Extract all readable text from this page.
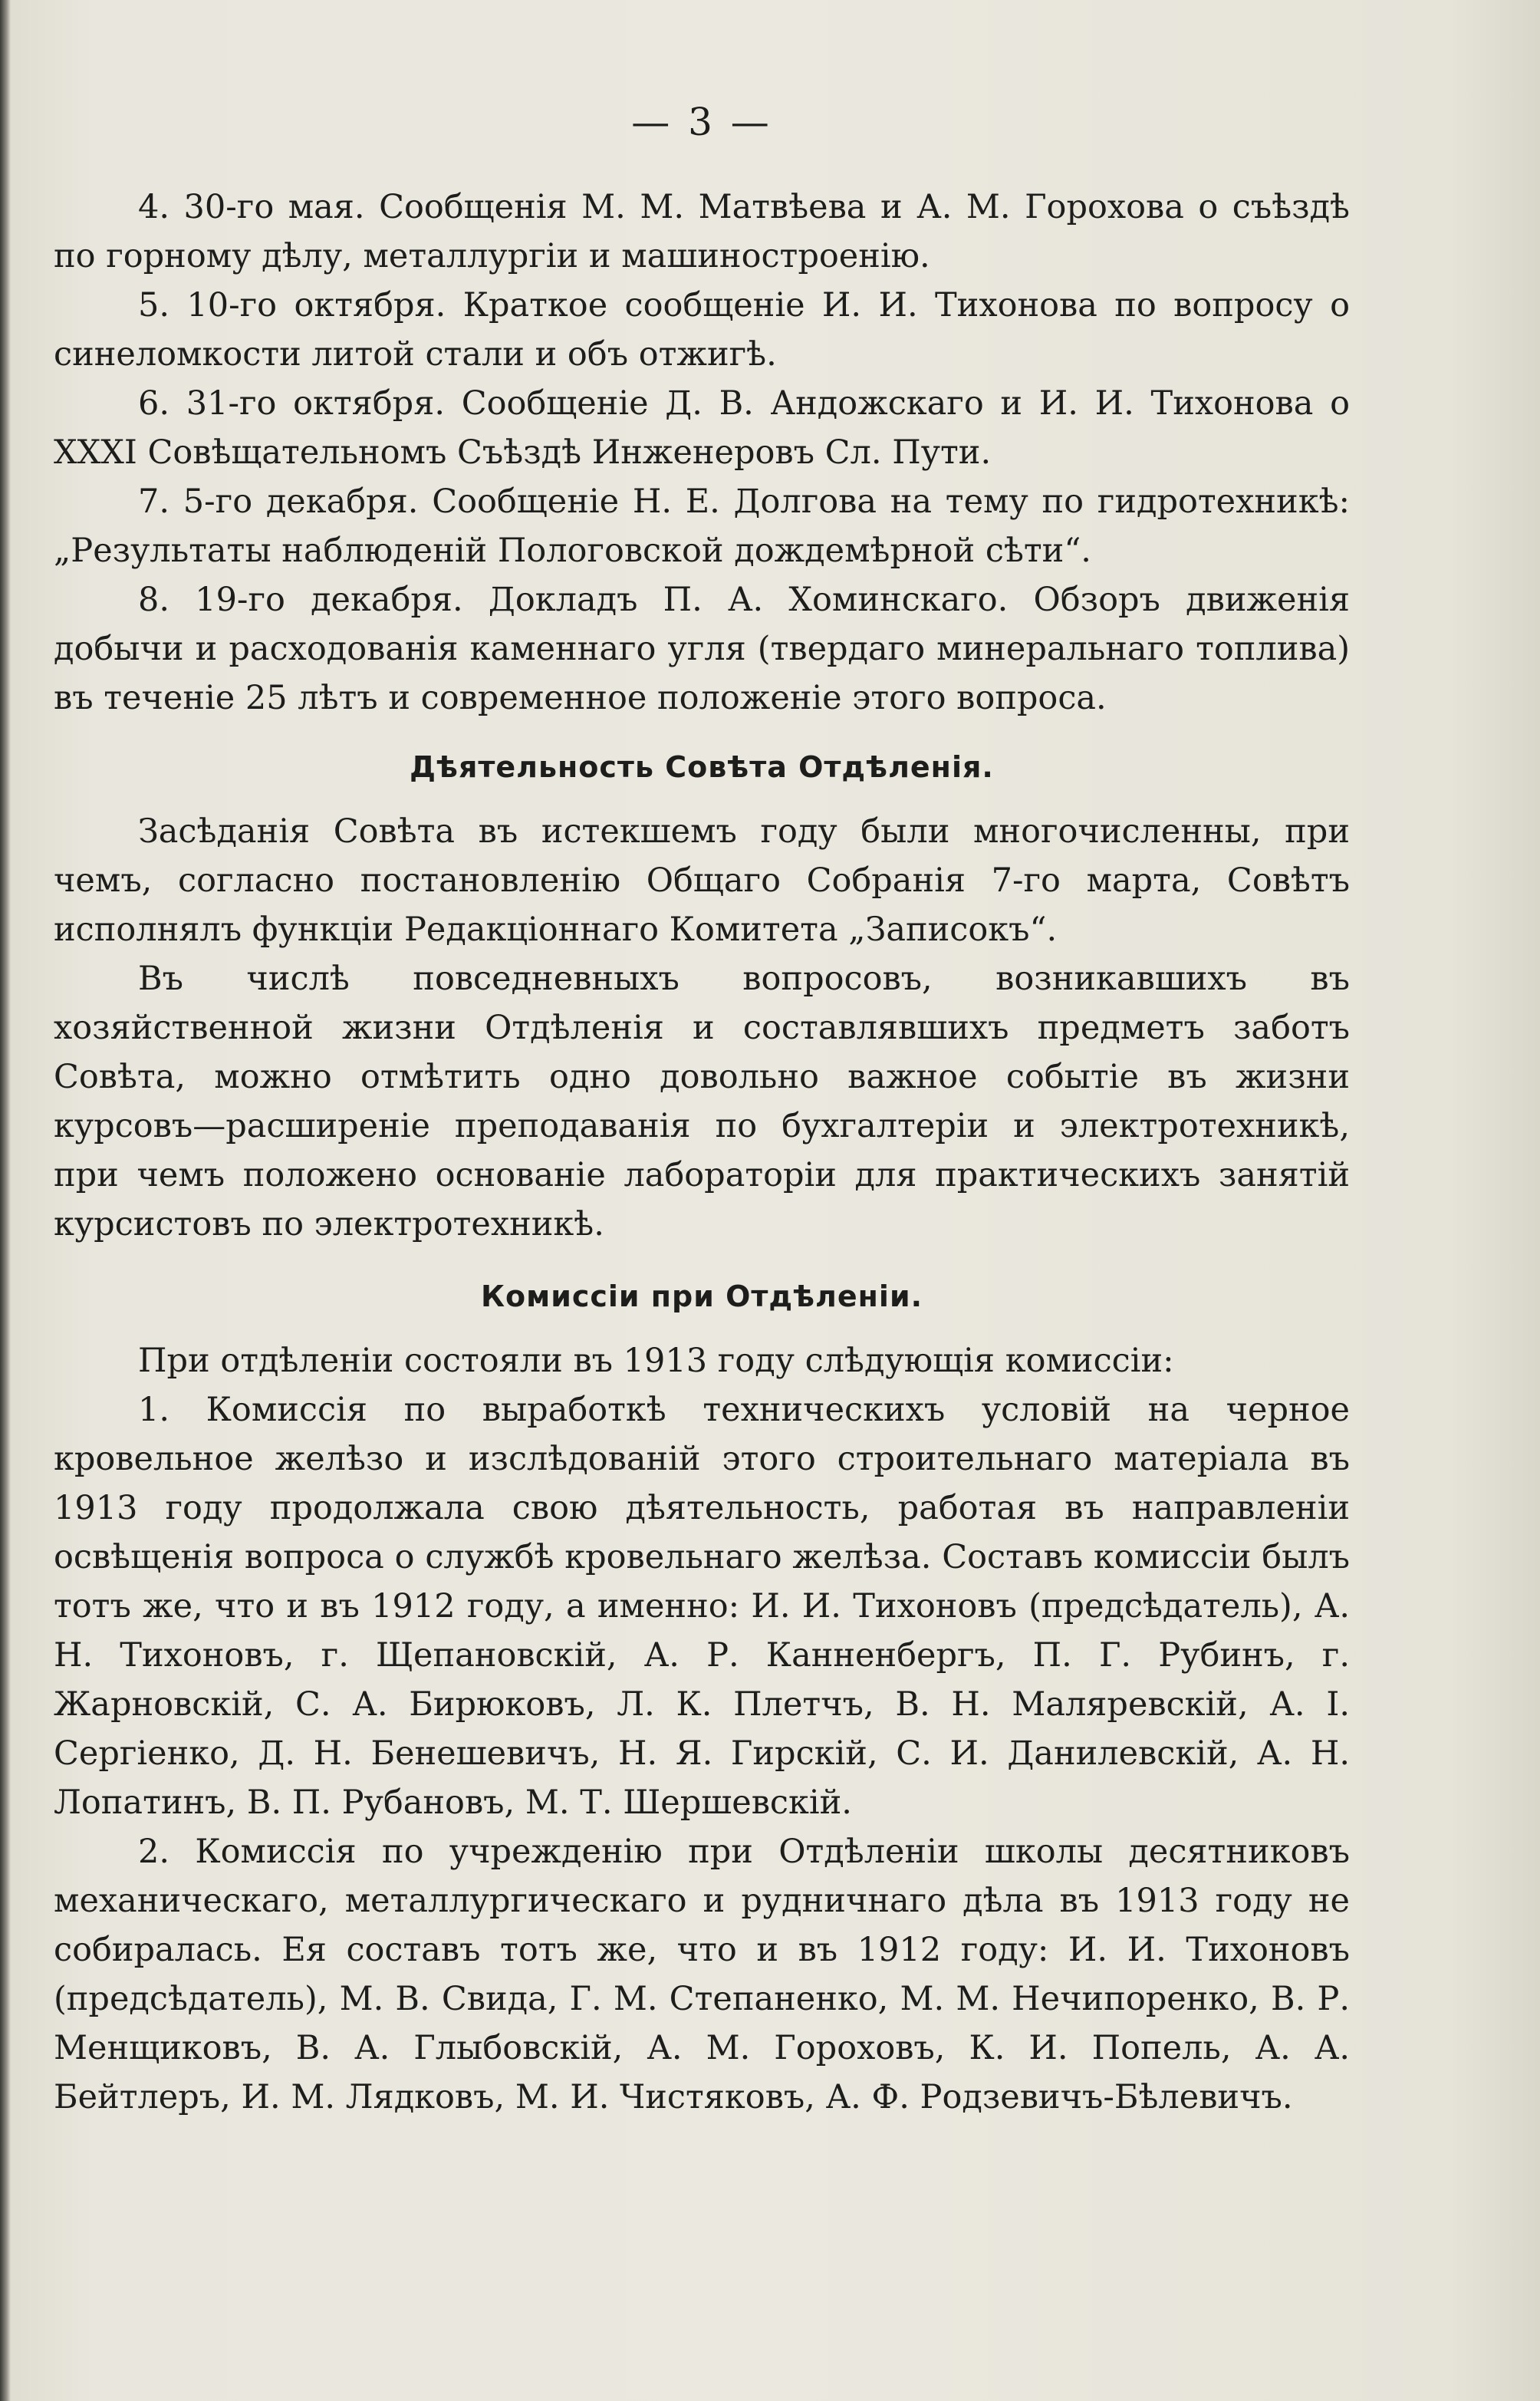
— 3 —

4. 30-го мая. Сообщенія М. М. Матвѣева и А. М. Горохова о съѣздѣ по горному дѣлу, металлургіи и машиностроенію.

5. 10-го октября. Краткое сообщеніе И. И. Тихонова по вопросу о синеломкости литой стали и объ отжигѣ.

6. 31-го октября. Сообщеніе Д. В. Андожскаго и И. И. Тихонова о XXXI Совѣщательномъ Съѣздѣ Инженеровъ Сл. Пути.

7. 5-го декабря. Сообщеніе Н. Е. Долгова на тему по гидротехникѣ: „Результаты наблюденій Пологовской дождемѣрной сѣти“.

8. 19-го декабря. Докладъ П. А. Хоминскаго. Обзоръ движенія добычи и расходованія каменнаго угля (твердаго минеральнаго топлива) въ теченіе 25 лѣтъ и современное положеніе этого вопроса.

Дѣятельность Совѣта Отдѣленія.

Засѣданія Совѣта въ истекшемъ году были многочисленны, при чемъ, согласно постановленію Общаго Собранія 7-го марта, Совѣтъ исполнялъ функціи Редакціоннаго Комитета „Записокъ“.

Въ числѣ повседневныхъ вопросовъ, возникавшихъ въ хозяйственной жизни Отдѣленія и составлявшихъ предметъ заботъ Совѣта, можно отмѣтить одно довольно важное событіе въ жизни курсовъ—расширеніе преподаванія по бухгалтеріи и электротехникѣ, при чемъ положено основаніе лабораторіи для практическихъ занятій курсистовъ по электротехникѣ.

Комиссіи при Отдѣленіи.

При отдѣленіи состояли въ 1913 году слѣдующія комиссіи:

1. Комиссія по выработкѣ техническихъ условій на черное кровельное желѣзо и изслѣдованій этого строительнаго матеріала въ 1913 году продолжала свою дѣятельность, работая въ направленіи освѣщенія вопроса о службѣ кровельнаго желѣза. Составъ комиссіи былъ тотъ же, что и въ 1912 году, а именно: И. И. Тихоновъ (предсѣдатель), А. Н. Тихоновъ, г. Щепановскій, А. Р. Канненбергъ, П. Г. Рубинъ, г. Жарновскій, С. А. Бирюковъ, Л. К. Плетчъ, В. Н. Маляревскій, А. І. Сергіенко, Д. Н. Бенешевичъ, Н. Я. Гирскій, С. И. Данилевскій, А. Н. Лопатинъ, В. П. Рубановъ, М. Т. Шершевскій.

2. Комиссія по учрежденію при Отдѣленіи школы десятниковъ механическаго, металлургическаго и рудничнаго дѣла въ 1913 году не собиралась. Ея составъ тотъ же, что и въ 1912 году: И. И. Тихоновъ (предсѣдатель), М. В. Свида, Г. М. Степаненко, М. М. Нечипоренко, В. Р. Менщиковъ, В. А. Глыбовскій, А. М. Гороховъ, К. И. Попель, А. А. Бейтлеръ, И. М. Лядковъ, М. И. Чистяковъ, А. Ф. Родзевичъ-Бѣлевичъ.
